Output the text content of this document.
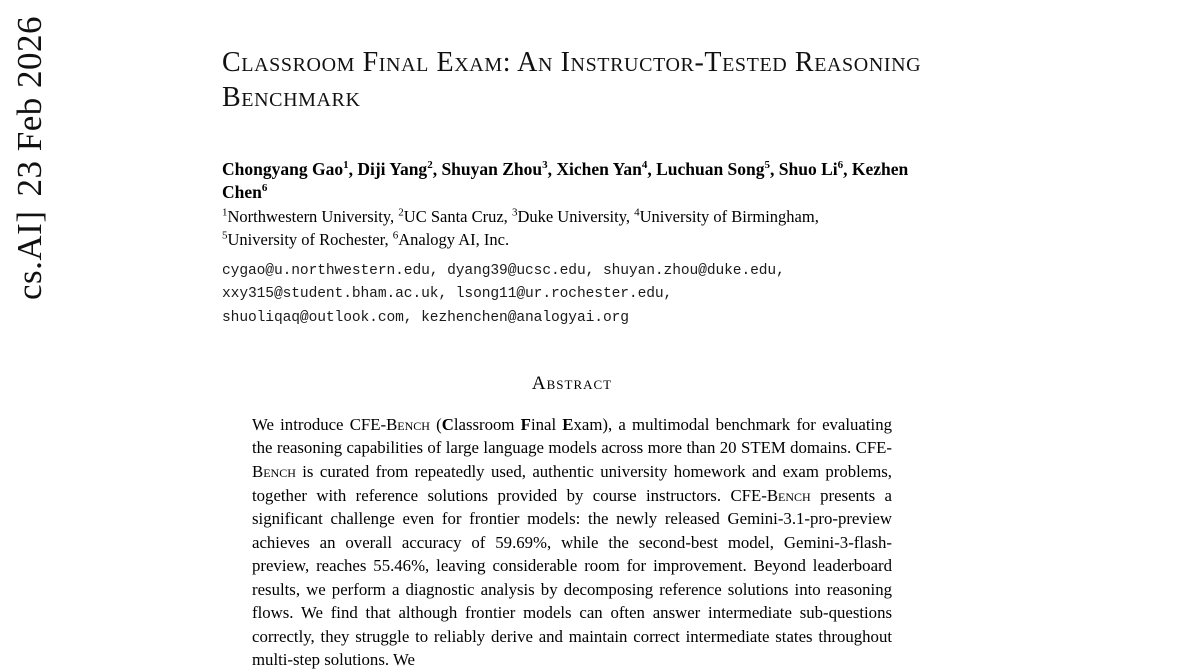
cs.AI]23 Feb 2026	Classroom Final Exam: An Instructor-Tested Reasoning Benchmark
Chongyang Gao$^1$, Diji Yang$^2$, Shuyan Zhou$^3$, Xichen Yan$^4$, Luchuan Song$^5$, Shuo Li$^6$, Kezhen Chen$^6$
$^1$Northwestern University, $^2$UC Santa Cruz, $^3$Duke University, $^4$University of Birmingham,
$^5$University of Rochester, $^6$Analogy AI, Inc.
cygao@u.northwestern.edu, dyang39@ucsc.edu, shuyan.zhou@duke.edu,
xxy315@student.bham.ac.uk, lsong11@ur.rochester.edu,
shuoliqaq@outlook.com, kezhenchen@analogyai.org
Abstract
We introduce CFE-Bench (Classroom Final Exam), a multimodal benchmark for evaluating the reasoning capabilities of large language models across more than 20 STEM domains. CFE-Bench is curated from repeatedly used, authentic university homework and exam problems, together with reference solutions provided by course instructors. CFE-Bench presents a significant challenge even for frontier models: the newly released Gemini-3.1-pro-preview achieves an overall accuracy of 59.69%, while the second-best model, Gemini-3-flash-preview, reaches 55.46%, leaving considerable room for improvement. Beyond leaderboard results, we perform a diagnostic analysis by decomposing reference solutions into reasoning flows. We find that although frontier models can often answer intermediate sub-questions correctly, they struggle to reliably derive and maintain correct intermediate states throughout multi-step solutions. We
